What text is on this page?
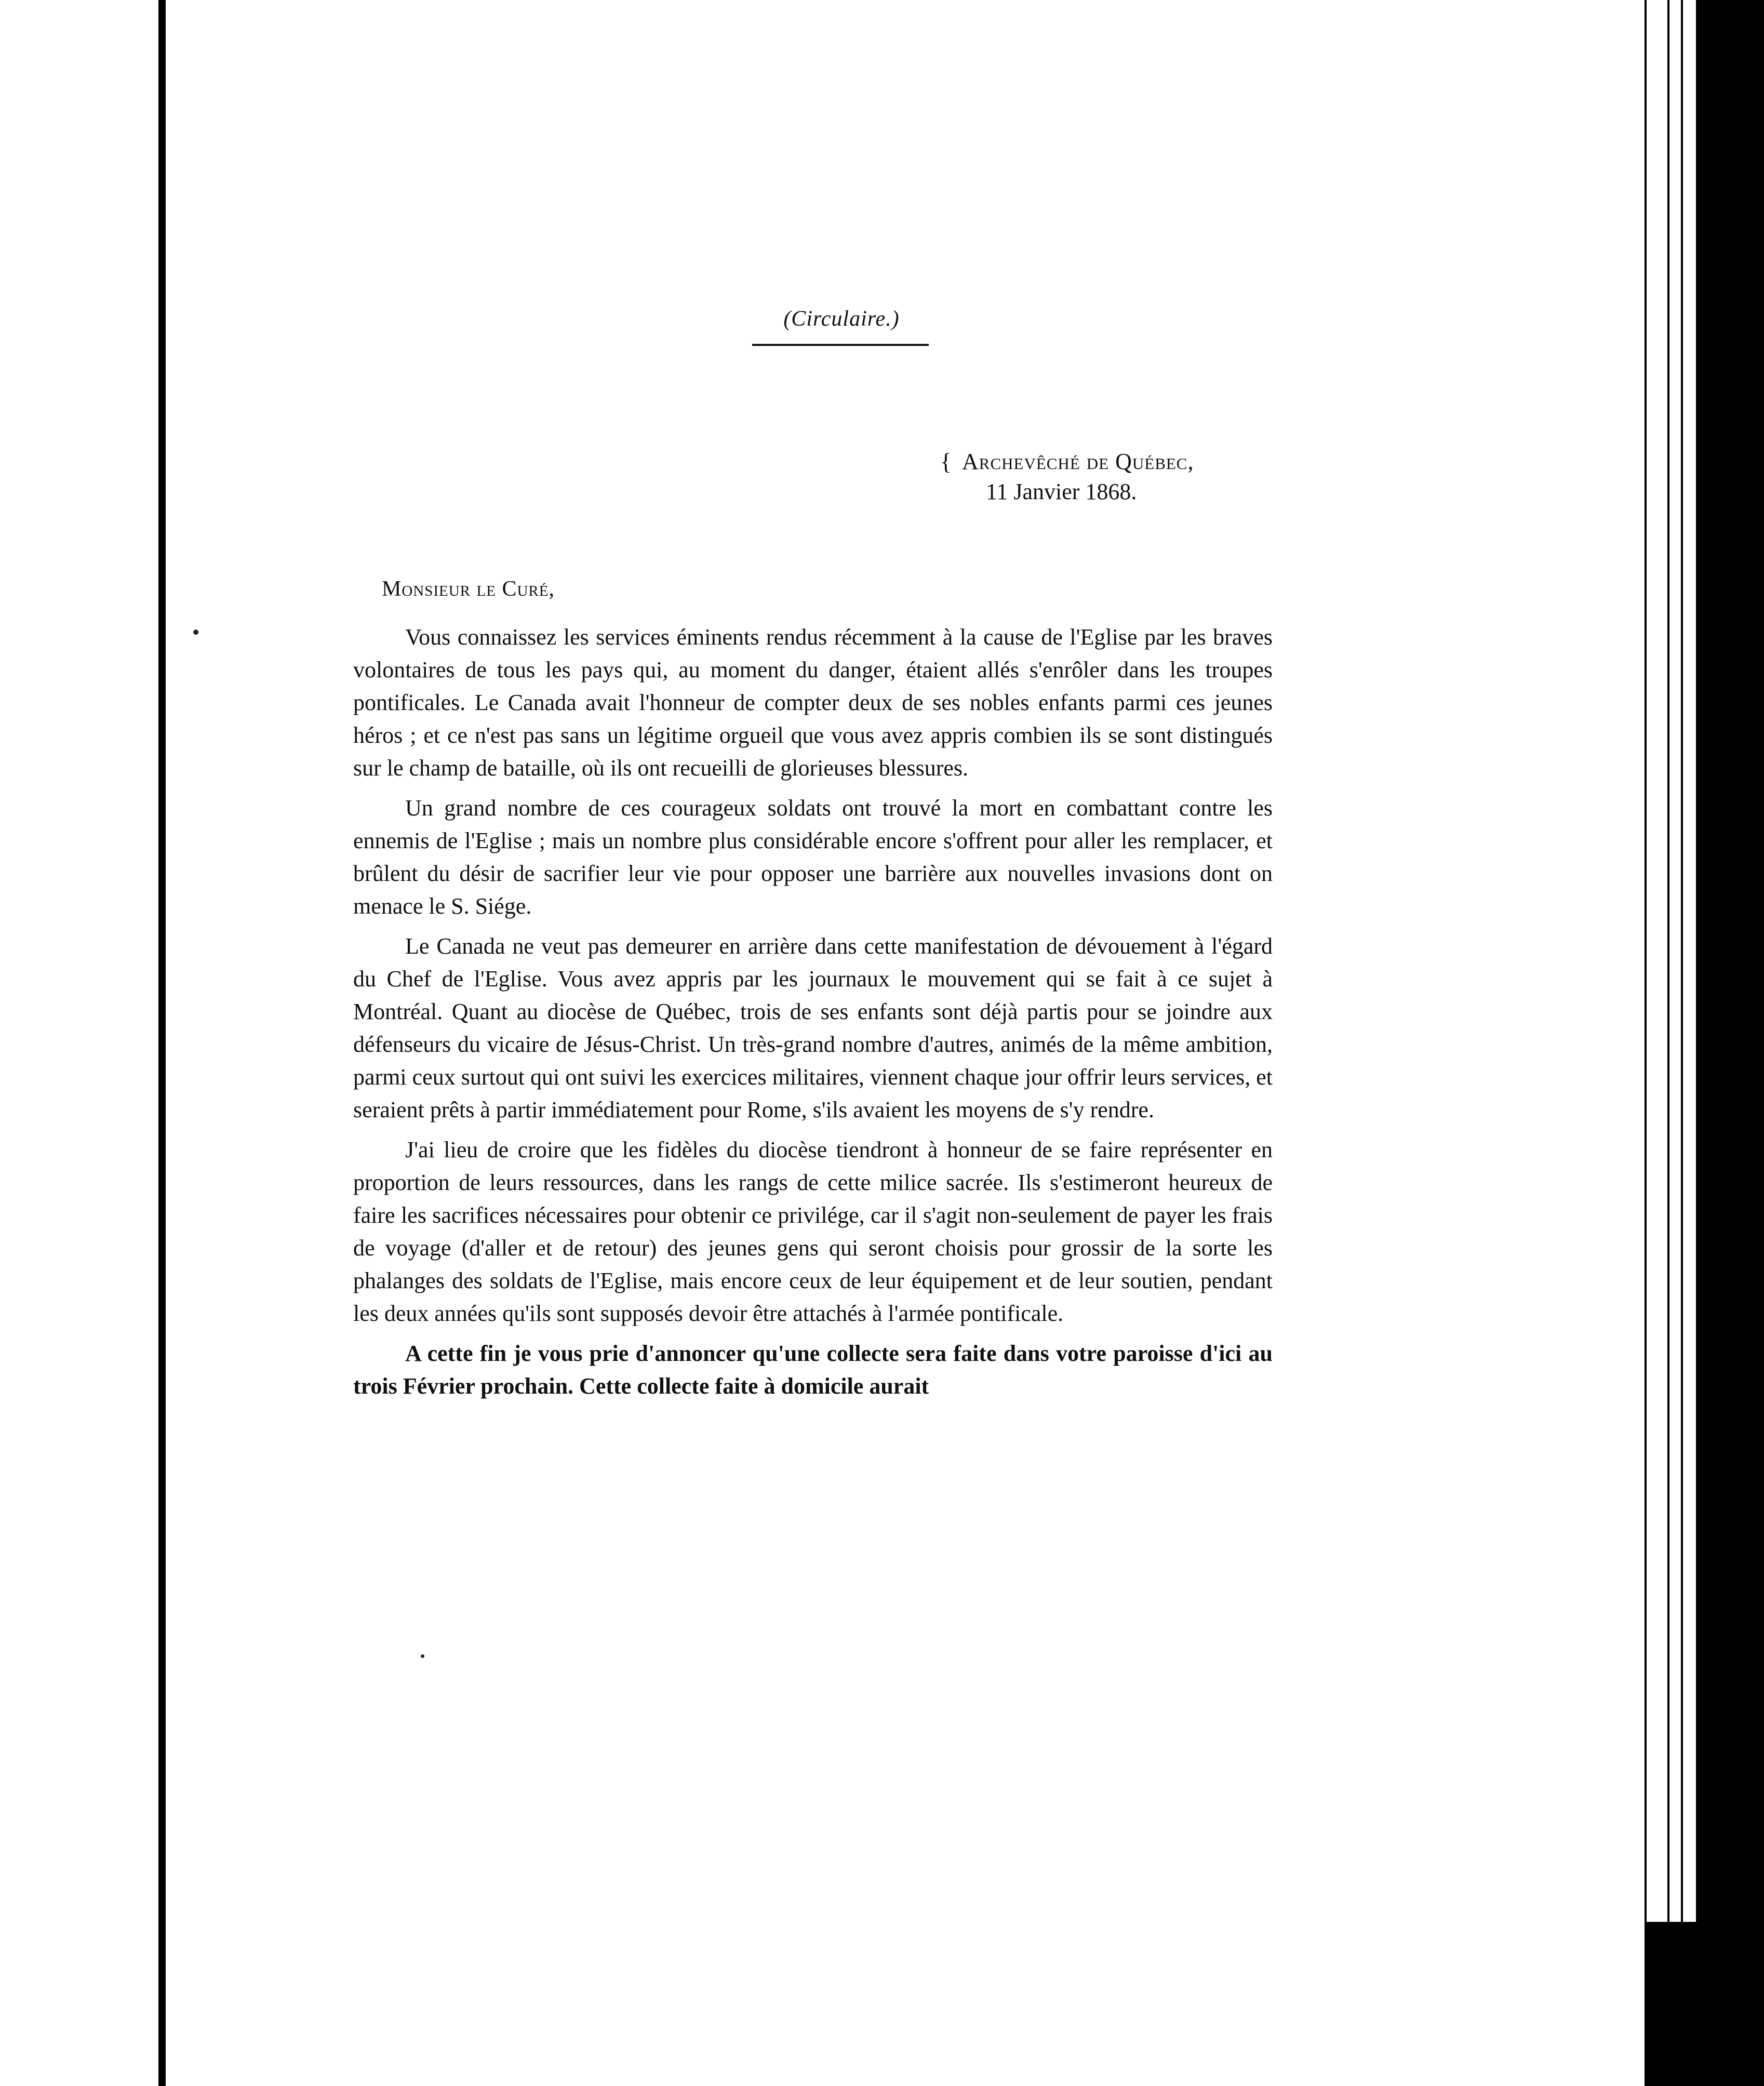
(Circulaire.)
{ Archevêché de Québec,
11 Janvier 1868.
Monsieur le Curé,

Vous connaissez les services éminents rendus récemment à la cause de l'Eglise par les braves volontaires de tous les pays qui, au moment du danger, étaient allés s'enrôler dans les troupes pontificales. Le Canada avait l'honneur de compter deux de ses nobles enfants parmi ces jeunes héros ; et ce n'est pas sans un légitime orgueil que vous avez appris combien ils se sont distingués sur le champ de bataille, où ils ont recueilli de glorieuses blessures.

Un grand nombre de ces courageux soldats ont trouvé la mort en combattant contre les ennemis de l'Eglise ; mais un nombre plus considérable encore s'offrent pour aller les remplacer, et brûlent du désir de sacrifier leur vie pour opposer une barrière aux nouvelles invasions dont on menace le S. Siége.

Le Canada ne veut pas demeurer en arrière dans cette manifestation de dévouement à l'égard du Chef de l'Eglise. Vous avez appris par les journaux le mouvement qui se fait à ce sujet à Montréal. Quant au diocèse de Québec, trois de ses enfants sont déjà partis pour se joindre aux défenseurs du vicaire de Jésus-Christ. Un très-grand nombre d'autres, animés de la même ambition, parmi ceux surtout qui ont suivi les exercices militaires, viennent chaque jour offrir leurs services, et seraient prêts à partir immédiatement pour Rome, s'ils avaient les moyens de s'y rendre.

J'ai lieu de croire que les fidèles du diocèse tiendront à honneur de se faire représenter en proportion de leurs ressources, dans les rangs de cette milice sacrée. Ils s'estimeront heureux de faire les sacrifices nécessaires pour obtenir ce privilége, car il s'agit non-seulement de payer les frais de voyage (d'aller et de retour) des jeunes gens qui seront choisis pour grossir de la sorte les phalanges des soldats de l'Eglise, mais encore ceux de leur équipement et de leur soutien, pendant les deux années qu'ils sont supposés devoir être attachés à l'armée pontificale.

A cette fin je vous prie d'annoncer qu'une collecte sera faite dans votre paroisse d'ici au trois Février prochain. Cette collecte faite à domicile aurait
